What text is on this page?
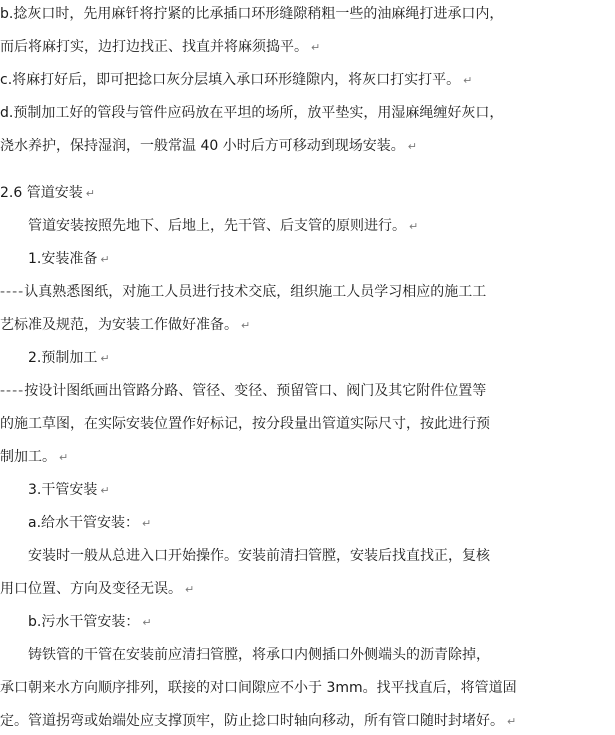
b.捻灰口时，先用麻钎将拧紧的比承插口环形缝隙稍粗一些的油麻绳打进承口内，
而后将麻打实，边打边找正、找直并将麻须捣平。 ↵
c.将麻打好后，即可把捻口灰分层填入承口环形缝隙内，将灰口打实打平。 ↵
d.预制加工好的管段与管件应码放在平坦的场所，放平垫实，用湿麻绳缠好灰口，
浇水养护，保持湿润，一般常温 40 小时后方可移动到现场安装。 ↵
2.6 管道安装 ↵
管道安装按照先地下、后地上，先干管、后支管的原则进行。 ↵
1.安装准备 ↵
----认真熟悉图纸，对施工人员进行技术交底，组织施工人员学习相应的施工工
艺标准及规范，为安装工作做好准备。 ↵
2.预制加工 ↵
----按设计图纸画出管路分路、管径、变径、预留管口、阀门及其它附件位置等
的施工草图，在实际安装位置作好标记，按分段量出管道实际尺寸，按此进行预
制加工。 ↵
3.干管安装 ↵
a.给水干管安装： ↵
安装时一般从总进入口开始操作。安装前清扫管膛，安装后找直找正，复核
用口位置、方向及变径无误。 ↵
b.污水干管安装： ↵
铸铁管的干管在安装前应清扫管膛，将承口内侧插口外侧端头的沥青除掉，
承口朝来水方向顺序排列，联接的对口间隙应不小于 3mm。找平找直后，将管道固
定。管道拐弯或始端处应支撑顶牢，防止捻口时轴向移动，所有管口随时封堵好。 ↵
